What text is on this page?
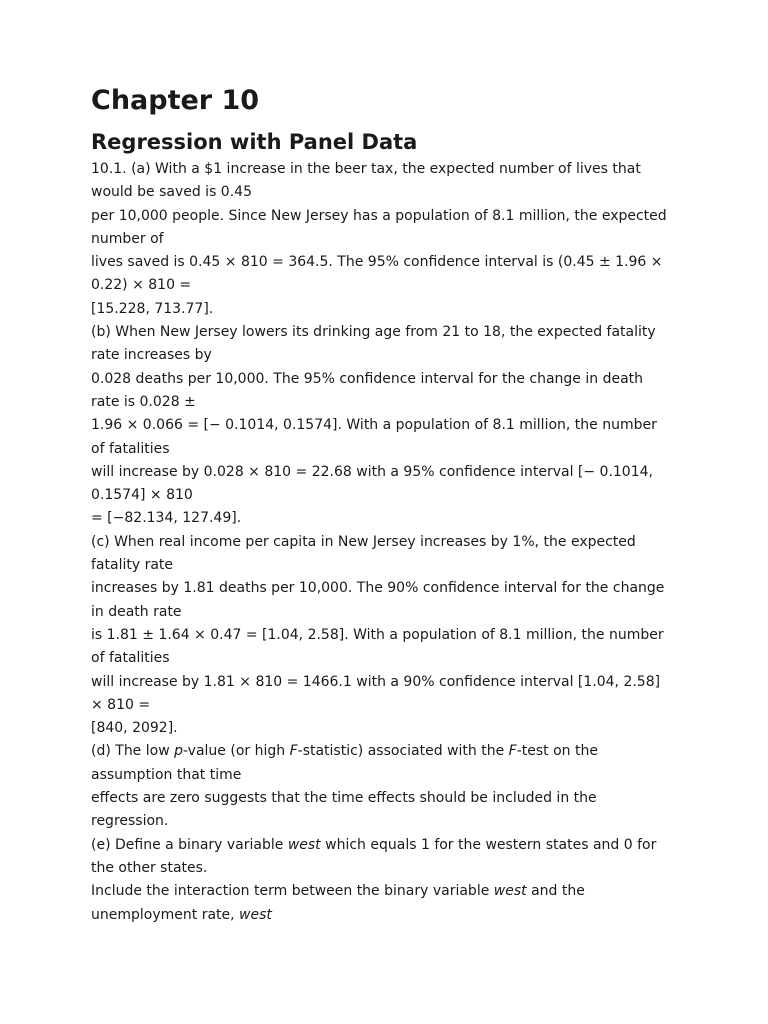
Chapter 10
Regression with Panel Data
10.1. (a) With a $1 increase in the beer tax, the expected number of lives that
would be saved is 0.45
per 10,000 people. Since New Jersey has a population of 8.1 million, the expected
number of
lives saved is 0.45 × 810 = 364.5. The 95% confidence interval is (0.45 ± 1.96 ×
0.22) × 810 =
[15.228, 713.77].
(b) When New Jersey lowers its drinking age from 21 to 18, the expected fatality
rate increases by
0.028 deaths per 10,000. The 95% confidence interval for the change in death
rate is 0.028 ±
1.96 × 0.066 = [− 0.1014, 0.1574]. With a population of 8.1 million, the number
of fatalities
will increase by 0.028 × 810 = 22.68 with a 95% confidence interval [− 0.1014,
0.1574] × 810
= [−82.134, 127.49].
(c) When real income per capita in New Jersey increases by 1%, the expected
fatality rate
increases by 1.81 deaths per 10,000. The 90% confidence interval for the change
in death rate
is 1.81 ± 1.64 × 0.47 = [1.04, 2.58]. With a population of 8.1 million, the number
of fatalities
will increase by 1.81 × 810 = 1466.1 with a 90% confidence interval [1.04, 2.58]
× 810 =
[840, 2092].
(d) The low p-value (or high F-statistic) associated with the F-test on the
assumption that time
effects are zero suggests that the time effects should be included in the
regression.
(e) Define a binary variable west which equals 1 for the western states and 0 for
the other states.
Include the interaction term between the binary variable west and the
unemployment rate, west
